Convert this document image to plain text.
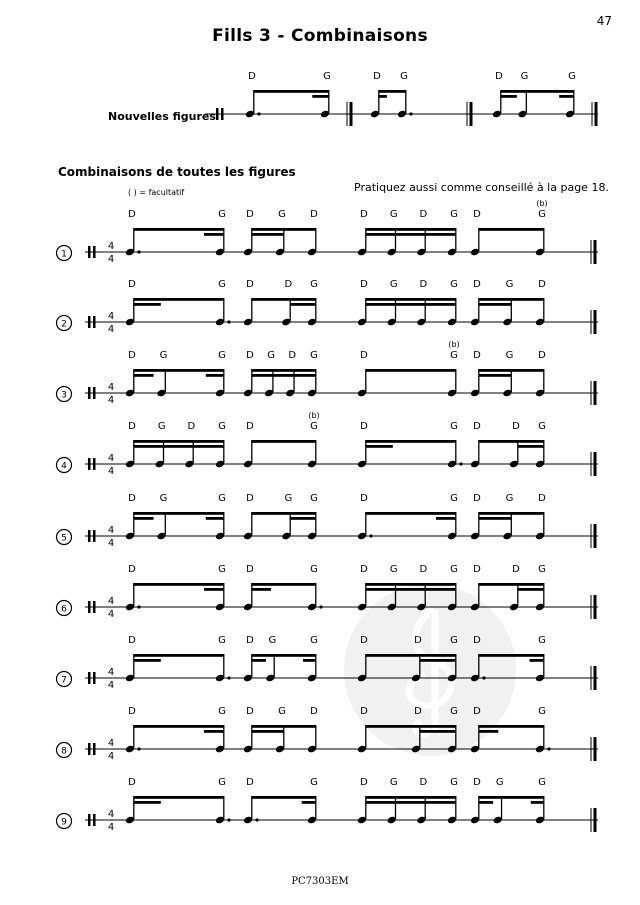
47
Fills 3 - Combinaisons
Nouvelles figures
Combinaisons de toutes les figures
( ) = facultatif	Pratiquez aussi comme conseillé à la page 18.
D	G	D G	D G	G
1
4
4
D	G D G D	D G D G D
(b)
G
2
4
4
D	G D	D G	D G D G D G D
3
4
4
D G	G D G D G	D
(b)
G D G D
4
4
4
D G D G D
(b)
G	D	G D	D G
5
4
4
D G	G D	G G	D	G D G D
6
4
4
D	G D	G	D G D G D	D G
7
4
4
D	G D G	G	D	D	G D	G
8
4
4
D	G D G D	D	D	G D	G
9
4
4
D	G D	G	D G D G D G	G
PC7303EM
